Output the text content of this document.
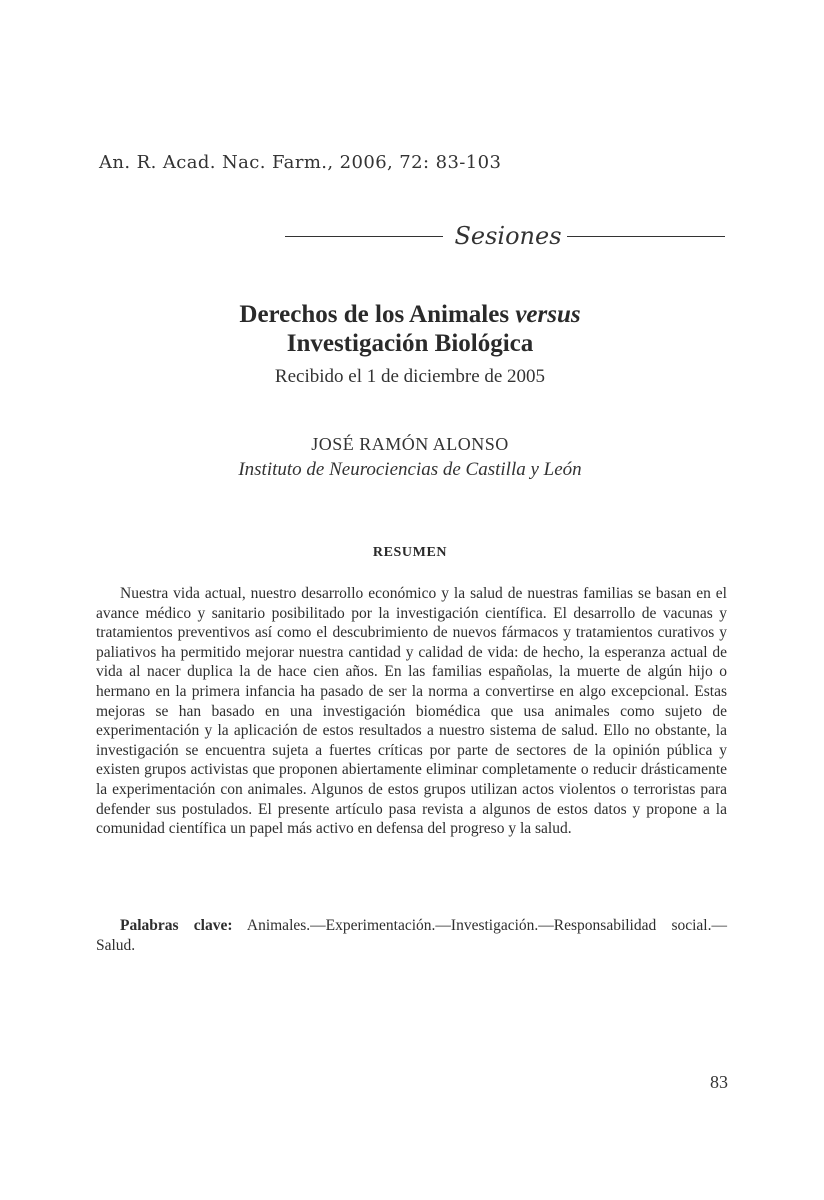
An. R. Acad. Nac. Farm., 2006, 72: 83-103
Sesiones
Derechos de los Animales versus
Investigación Biológica
Recibido el 1 de diciembre de 2005
JOSÉ RAMÓN ALONSO
Instituto de Neurociencias de Castilla y León
RESUMEN

Nuestra vida actual, nuestro desarrollo económico y la salud de nuestras familias se basan en el avance médico y sanitario posibilitado por la investigación científica. El desarrollo de vacunas y tratamientos preventivos así como el descubrimiento de nuevos fármacos y tratamientos curativos y paliativos ha permitido mejorar nuestra cantidad y calidad de vida: de hecho, la esperanza actual de vida al nacer duplica la de hace cien años. En las familias españolas, la muerte de algún hijo o hermano en la primera infancia ha pasado de ser la norma a convertirse en algo excepcional. Estas mejoras se han basado en una investigación biomédica que usa animales como sujeto de experimentación y la aplicación de estos resultados a nuestro sistema de salud. Ello no obstante, la investigación se encuentra sujeta a fuertes críticas por parte de sectores de la opinión pública y existen grupos activistas que proponen abiertamente eliminar completamente o reducir drásticamente la experimentación con animales. Algunos de estos grupos utilizan actos violentos o terroristas para defender sus postulados. El presente artículo pasa revista a algunos de estos datos y propone a la comunidad científica un papel más activo en defensa del progreso y la salud.

Palabras clave: Animales.—Experimentación.—Investigación.—Responsabilidad social.—Salud.

83
